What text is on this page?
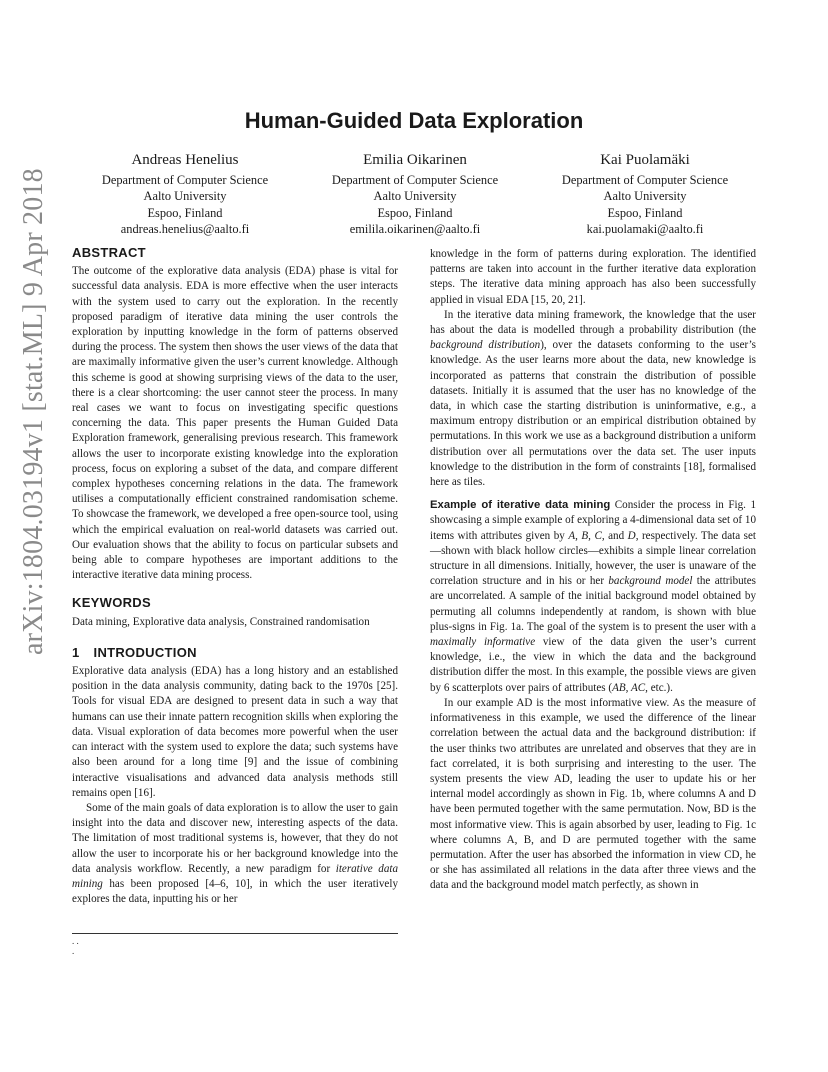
arXiv:1804.03194v1 [stat.ML] 9 Apr 2018
Human-Guided Data Exploration
Andreas Henelius
Department of Computer Science
Aalto University
Espoo, Finland
andreas.henelius@aalto.fi
Emilia Oikarinen
Department of Computer Science
Aalto University
Espoo, Finland
emilila.oikarinen@aalto.fi
Kai Puolamäki
Department of Computer Science
Aalto University
Espoo, Finland
kai.puolamaki@aalto.fi
ABSTRACT

The outcome of the explorative data analysis (EDA) phase is vital for successful data analysis. EDA is more effective when the user interacts with the system used to carry out the exploration. In the recently proposed paradigm of iterative data mining the user controls the exploration by inputting knowledge in the form of patterns observed during the process. The system then shows the user views of the data that are maximally informative given the user’s current knowledge. Although this scheme is good at showing surprising views of the data to the user, there is a clear shortcoming: the user cannot steer the process. In many real cases we want to focus on investigating specific questions concerning the data. This paper presents the Human Guided Data Exploration framework, generalising previous research. This framework allows the user to incorporate existing knowledge into the exploration process, focus on exploring a subset of the data, and compare different complex hypotheses concerning relations in the data. The framework utilises a computationally efficient constrained randomisation scheme. To showcase the framework, we developed a free open-source tool, using which the empirical evaluation on real-world datasets was carried out. Our evaluation shows that the ability to focus on particular subsets and being able to compare hypotheses are important additions to the interactive iterative data mining process.

KEYWORDS

Data mining, Explorative data analysis, Constrained randomisation

1 INTRODUCTION

Explorative data analysis (EDA) has a long history and an established position in the data analysis community, dating back to the 1970s [25]. Tools for visual EDA are designed to present data in such a way that humans can use their innate pattern recognition skills when exploring the data. Visual exploration of data becomes more powerful when the user can interact with the system used to explore the data; such systems have also been around for a long time [9] and the issue of combining interactive visualisations and advanced data analysis methods still remains open [16].

Some of the main goals of data exploration is to allow the user to gain insight into the data and discover new, interesting aspects of the data. The limitation of most traditional systems is, however, that they do not allow the user to incorporate his or her background knowledge into the data analysis workflow. Recently, a new paradigm for iterative data mining has been proposed [4–6, 10], in which the user iteratively explores the data, inputting his or her

knowledge in the form of patterns during exploration. The identified patterns are taken into account in the further iterative data exploration steps. The iterative data mining approach has also been successfully applied in visual EDA [15, 20, 21].

In the iterative data mining framework, the knowledge that the user has about the data is modelled through a probability distribution (the background distribution), over the datasets conforming to the user’s knowledge. As the user learns more about the data, new knowledge is incorporated as patterns that constrain the distribution of possible datasets. Initially it is assumed that the user has no knowledge of the data, in which case the starting distribution is uninformative, e.g., a maximum entropy distribution or an empirical distribution obtained by permutations. In this work we use as a background distribution a uniform distribution over all permutations over the data set. The user inputs knowledge to the distribution in the form of constraints [18], formalised here as tiles.

Example of iterative data mining Consider the process in Fig. 1 showcasing a simple example of exploring a 4-dimensional data set of 10 items with attributes given by A, B, C, and D, respectively. The data set—shown with black hollow circles—exhibits a simple linear correlation structure in all dimensions. Initially, however, the user is unaware of the correlation structure and in his or her background model the attributes are uncorrelated. A sample of the initial background model obtained by permuting all columns independently at random, is shown with blue plus-signs in Fig. 1a. The goal of the system is to present the user with a maximally informative view of the data given the user’s current knowledge, i.e., the view in which the data and the background distribution differ the most. In this example, the possible views are given by 6 scatterplots over pairs of attributes (AB, AC, etc.).

In our example AD is the most informative view. As the measure of informativeness in this example, we used the difference of the linear correlation between the actual data and the background distribution: if the user thinks two attributes are unrelated and observes that they are in fact correlated, it is both surprising and interesting to the user. The system presents the view AD, leading the user to update his or her internal model accordingly as shown in Fig. 1b, where columns A and D have been permuted together with the same permutation. Now, BD is the most informative view. This is again absorbed by user, leading to Fig. 1c where columns A, B, and D are permuted together with the same permutation. After the user has absorbed the information in view CD, he or she has assimilated all relations in the data after three views and the data and the background model match perfectly, as shown in

. .
.
